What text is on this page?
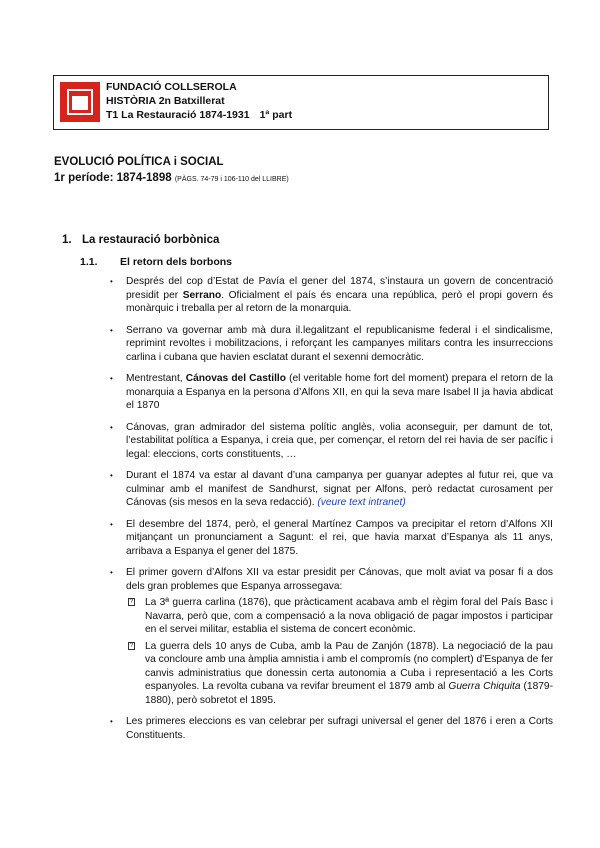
FUNDACIÓ COLLSEROLA
HISTÒRIA 2n Batxillerat
T1 La Restauració 1874-1931 1ª part
EVOLUCIÓ POLÍTICA i SOCIAL
1r període: 1874-1898 (PÀGS. 74-79 i 106-110 del LLIBRE)
1. La restauració borbònica
1.1. El retorn dels borbons
• Després del cop d’Estat de Pavía el gener del 1874, s’instaura un govern de concentració presidit per Serrano. Oficialment el país és encara una república, però el propi govern és monàrquic i treballa per al retorn de la monarquia.
• Serrano va governar amb mà dura il.legalitzant el republicanisme federal i el sindicalisme, reprimint revoltes i mobilitzacions, i reforçant les campanyes militars contra les insurreccions carlina i cubana que havien esclatat durant el sexenni democràtic.
• Mentrestant, Cánovas del Castillo (el veritable home fort del moment) prepara el retorn de la monarquia a Espanya en la persona d’Alfons XII, en qui la seva mare Isabel II ja havia abdicat el 1870
• Cánovas, gran admirador del sistema polític anglès, volia aconseguir, per damunt de tot, l’estabilitat política a Espanya, i creia que, per començar, el retorn del rei havia de ser pacífic i legal: eleccions, corts constituents, …
• Durant el 1874 va estar al davant d’una campanya per guanyar adeptes al futur rei, que va culminar amb el manifest de Sandhurst, signat per Alfons, però redactat curosament per Cánovas (sis mesos en la seva redacció). (veure text intranet)
• El desembre del 1874, però, el general Martínez Campos va precipitar el retorn d’Alfons XII mitjançant un pronunciament a Sagunt: el rei, que havia marxat d’Espanya als 11 anys, arribava a Espanya el gener del 1875.
• El primer govern d’Alfons XII va estar presidit per Cánovas, que molt aviat va posar fi a dos dels gran problemes que Espanya arrossegava:
? La 3ª guerra carlina (1876), que pràcticament acabava amb el règim foral del País Basc i Navarra, però que, com a compensació a la nova obligació de pagar impostos i participar en el servei militar, establia el sistema de concert econòmic.
? La guerra dels 10 anys de Cuba, amb la Pau de Zanjón (1878). La negociació de la pau va concloure amb una àmplia amnistia i amb el compromís (no complert) d’Espanya de fer canvis administratius que donessin certa autonomia a Cuba i representació a les Corts espanyoles. La revolta cubana va revifar breument el 1879 amb al Guerra Chiquita (1879-1880), però sobretot el 1895.
• Les primeres eleccions es van celebrar per sufragi universal el gener del 1876 i eren a Corts Constituents.
